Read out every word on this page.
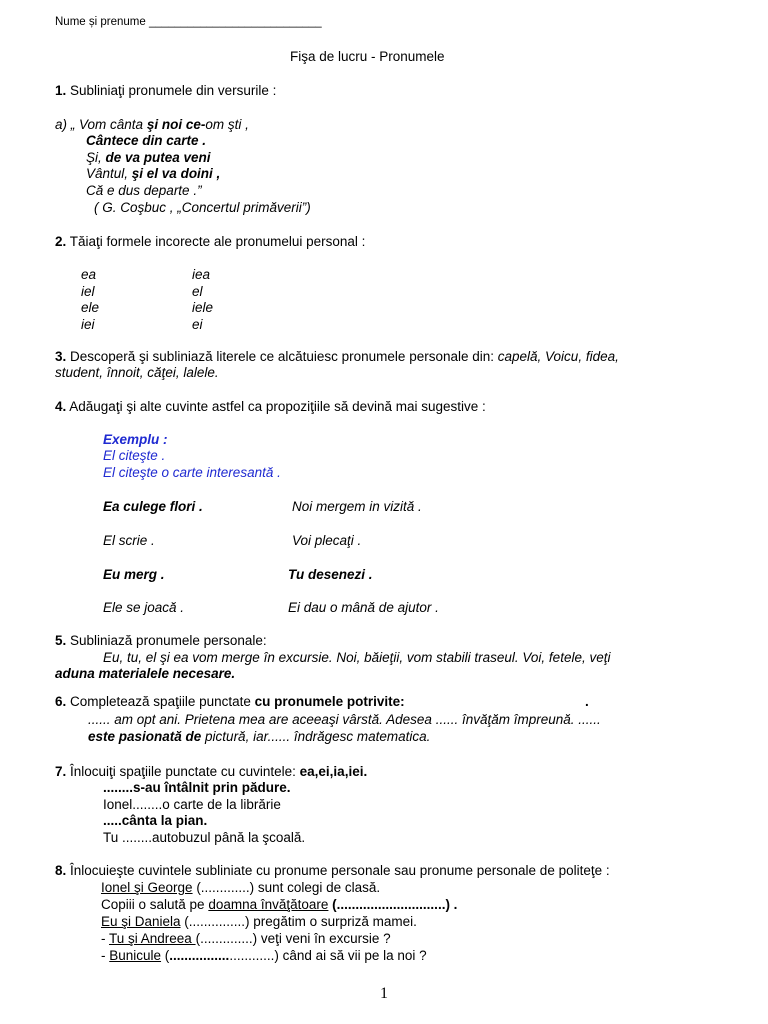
Nume și prenume ___________________________
Fişa de lucru - Pronumele
1. Subliniaţi pronumele din versurile :
a) „ Vom cânta şi noi ce-om şti ,
Cântece din carte .
Şi, de va putea veni
Vântul, şi el va doini ,
Că e dus departe .”
( G. Coşbuc , „Concertul primăverii”)
2. Tăiaţi formele incorecte ale pronumelui personal :
ea	iea
iel	el
ele	iele
iei	ei
3. Descoperă şi subliniază literele ce alcătuiesc pronumele personale din: capelă, Voicu, fidea,
student, înnoit, căţei, lalele.
4. Adăugaţi şi alte cuvinte astfel ca propoziţiile să devină mai sugestive :
Exemplu :
El citeşte .
El citeşte o carte interesantă .
Ea culege flori .	Noi mergem in vizită .
El scrie .	Voi plecaţi .
Eu merg .	Tu desenezi .
Ele se joacă .	Ei dau o mână de ajutor .
5. Subliniază pronumele personale:
Eu, tu, el şi ea vom merge în excursie. Noi, băieţii, vom stabili traseul. Voi, fetele, veţi
aduna materialele necesare.
6. Completează spaţiile punctate cu pronumele potrivite:	.
...... am opt ani. Prietena mea are aceeaşi vârstă. Adesea ...... învăţăm împreună. ......
este pasionată de pictură, iar...... îndrăgesc matematica.
7. Înlocuiţi spaţiile punctate cu cuvintele: ea,ei,ia,iei.
........s-au întâlnit prin pădure.
Ionel........o carte de la librărie
.....cânta la pian.
Tu ........autobuzul până la şcoală.
8. Înlocuieşte cuvintele subliniate cu pronume personale sau pronume personale de politeţe :
Ionel şi George (.............) sunt colegi de clasă.
Copiii o salută pe doamna învăţătoare (.............................) .
Eu şi Daniela (...............) pregătim o surpriză mamei.
- Tu şi Andreea (..............) veţi veni în excursie ?
- Bunicule (............................) când ai să vii pe la noi ?
1
